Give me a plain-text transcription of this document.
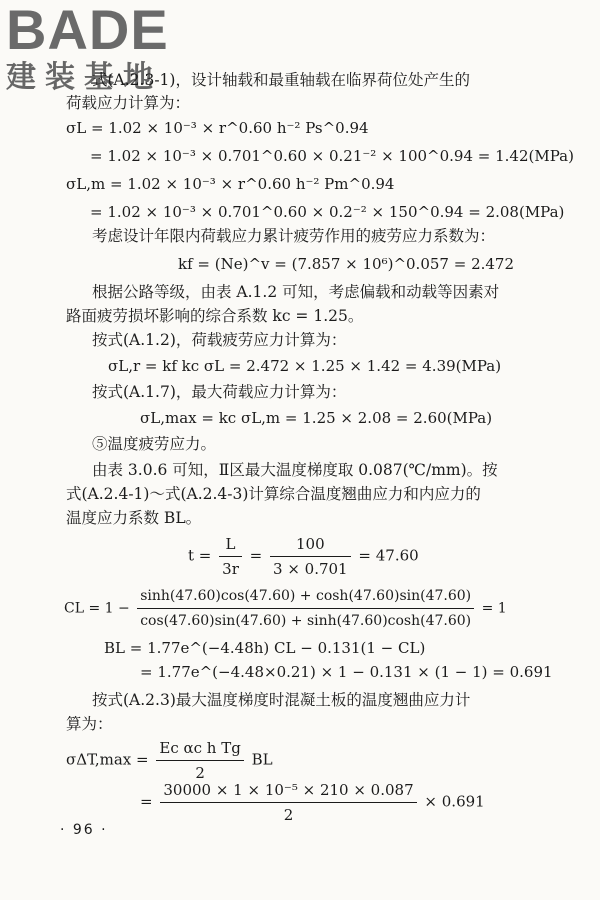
BADE
建装基地
式(A.2.3-1)，设计轴载和最重轴载在临界荷位处产生的
荷载应力计算为：
σL = 1.02 × 10⁻³ × r^0.60 h⁻² Ps^0.94
= 1.02 × 10⁻³ × 0.701^0.60 × 0.21⁻² × 100^0.94 = 1.42(MPa)
σL,m = 1.02 × 10⁻³ × r^0.60 h⁻² Pm^0.94
= 1.02 × 10⁻³ × 0.701^0.60 × 0.2⁻² × 150^0.94 = 2.08(MPa)
考虑设计年限内荷载应力累计疲劳作用的疲劳应力系数为：
kf = (Ne)^v = (7.857 × 10⁶)^0.057 = 2.472
根据公路等级，由表 A.1.2 可知，考虑偏载和动载等因素对
路面疲劳损坏影响的综合系数 kc = 1.25。
按式(A.1.2)，荷载疲劳应力计算为：
σL,r = kf kc σL = 2.472 × 1.25 × 1.42 = 4.39(MPa)
按式(A.1.7)，最大荷载应力计算为：
σL,max = kc σL,m = 1.25 × 2.08 = 2.60(MPa)
⑤温度疲劳应力。
由表 3.0.6 可知，Ⅱ区最大温度梯度取 0.087(℃/mm)。按
式(A.2.4-1)～式(A.2.4-3)计算综合温度翘曲应力和内应力的
温度应力系数 BL。
$t = \frac{L}{3r} = \frac{100}{3 \times 0.701} = 47.60$
CL = $1 - \frac{\sinh(47.60)\cos(47.60) + \cosh(47.60)\sin(47.60)}{\cos(47.60)\sin(47.60) + \sinh(47.60)\cosh(47.60)} = 1$
BL = 1.77e^(−4.48h) CL − 0.131(1 − CL)
= 1.77e^(−4.48×0.21) × 1 − 0.131 × (1 − 1) = 0.691
按式(A.2.3)最大温度梯度时混凝土板的温度翘曲应力计
算为：
$\sigma\Delta T,\max = \frac{\text{Ec αc h Tg}}{2}$ BL
= $\frac{\text{30000 × 1 × 10⁻⁵ × 210 × 0.087}}{2} \times 0.691$
· 96 ·
